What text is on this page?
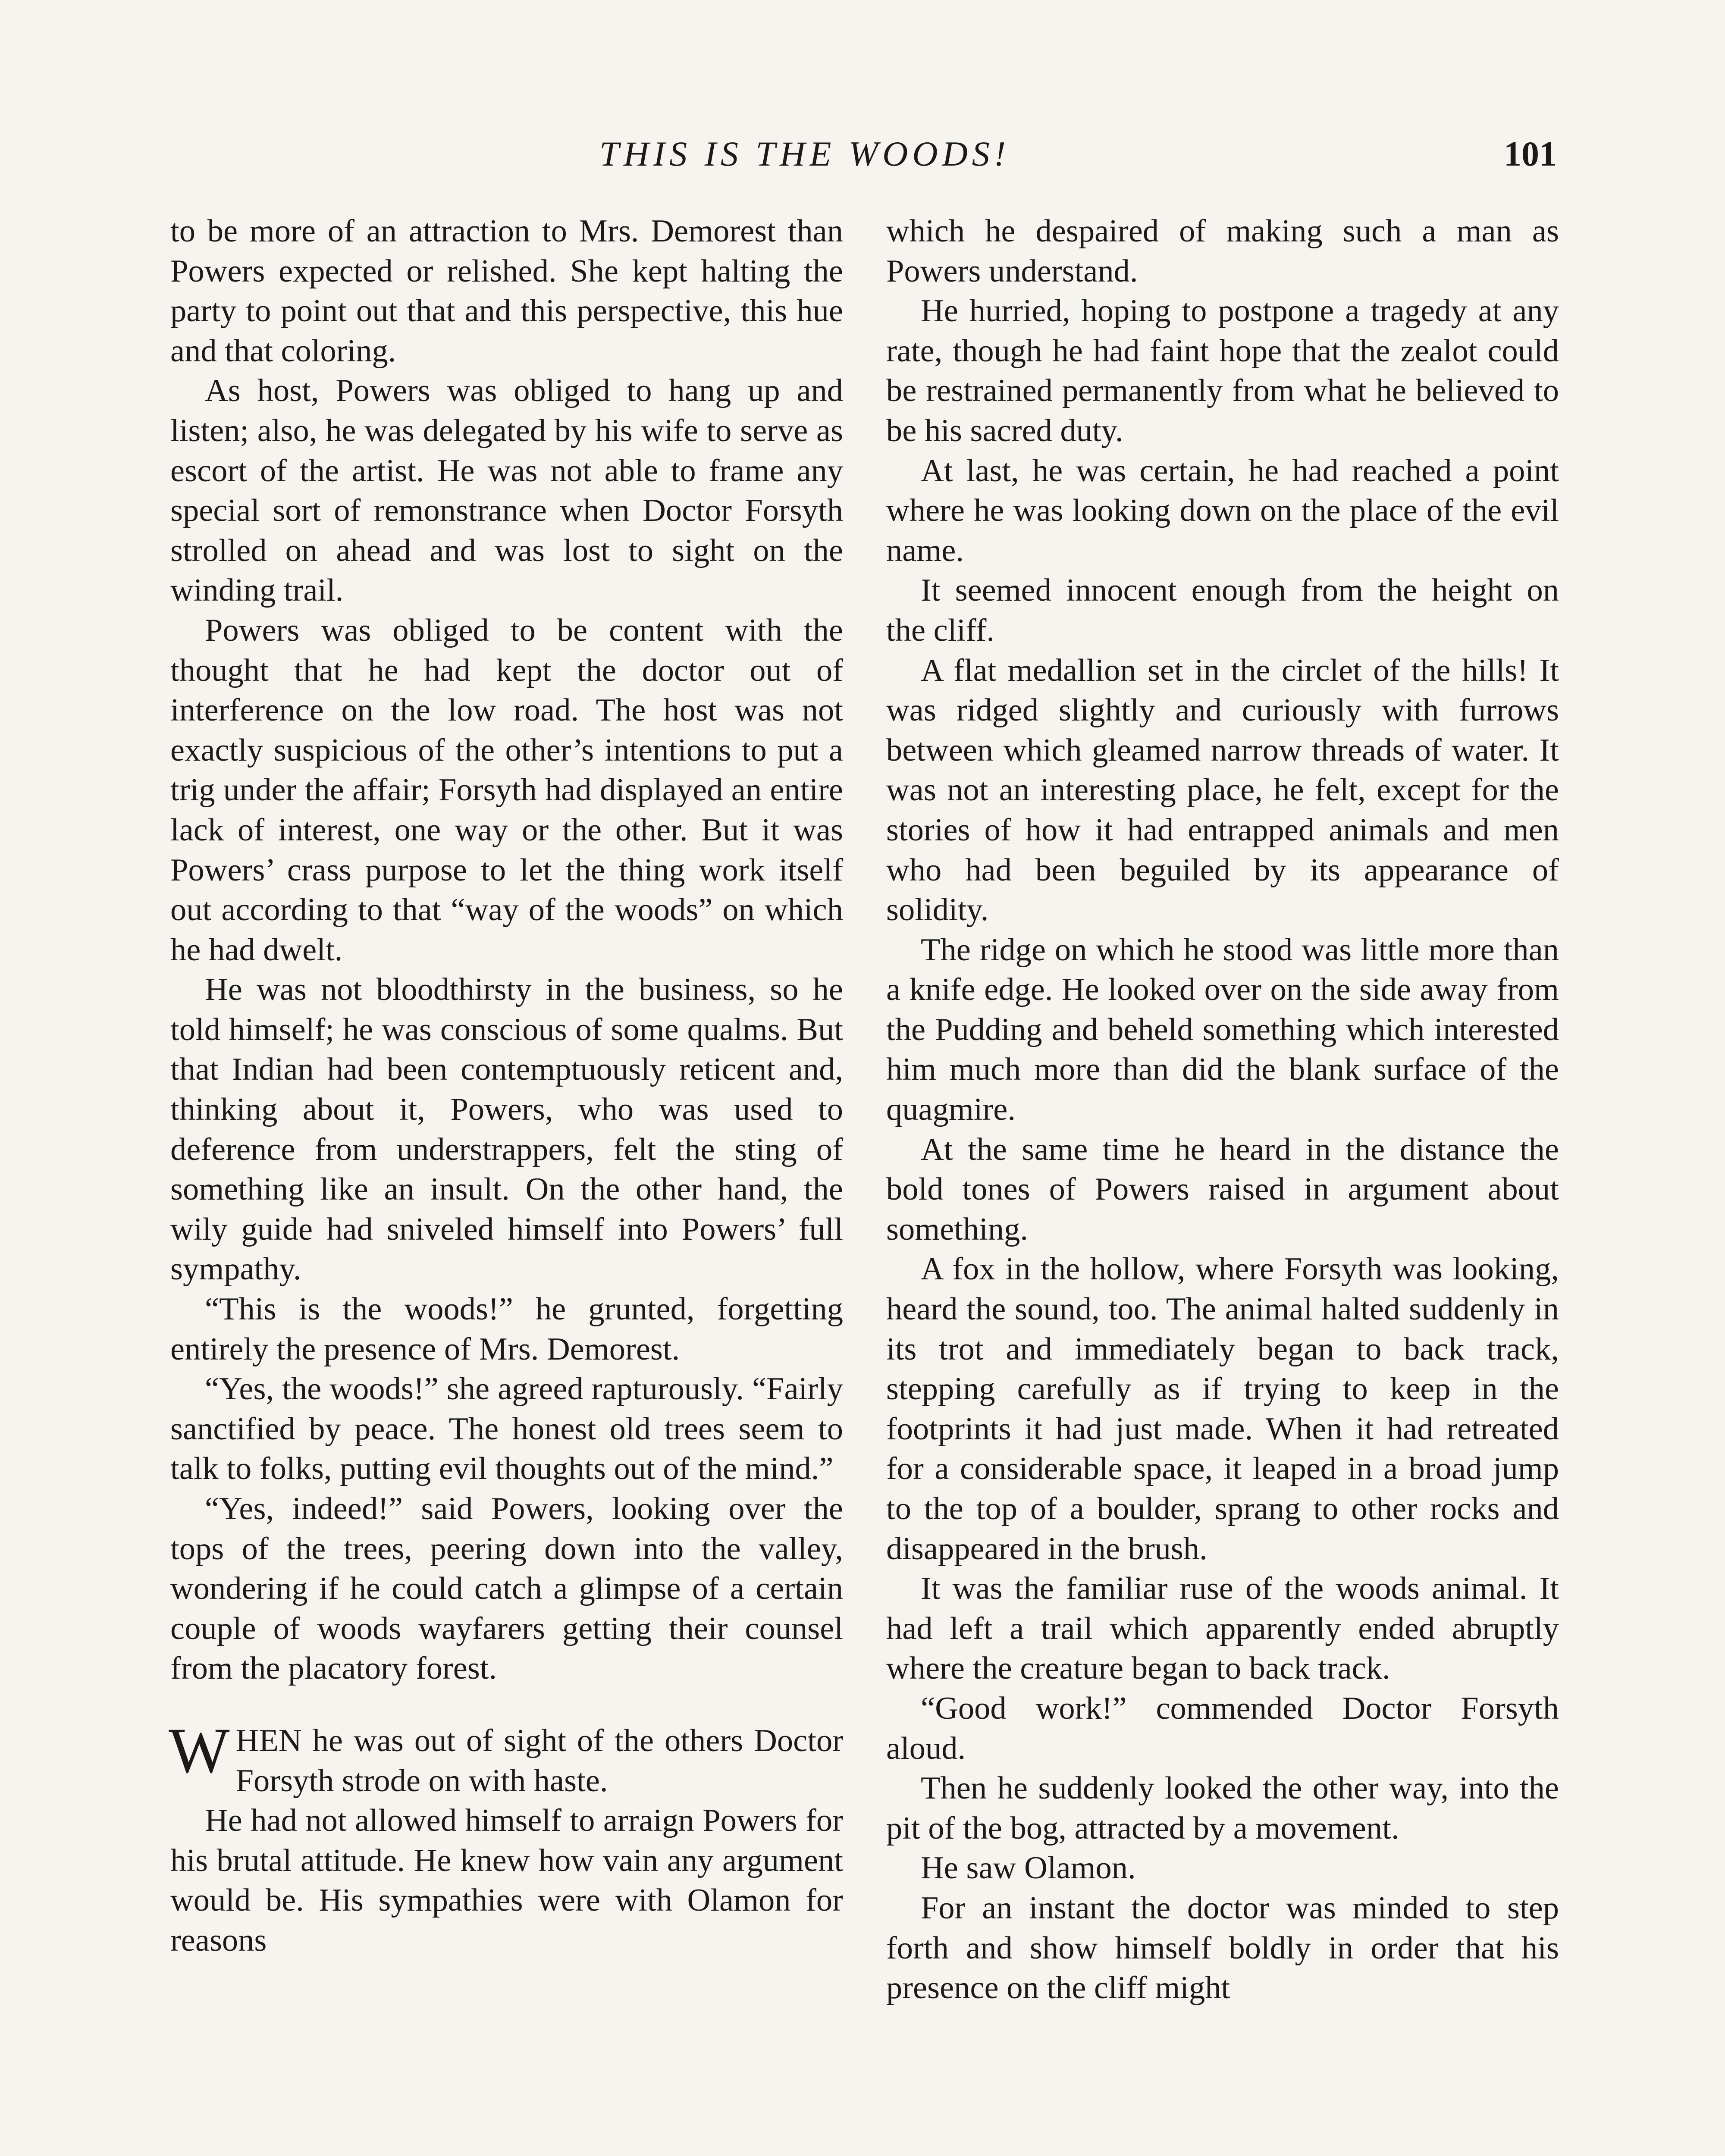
THIS IS THE WOODS!	101

to be more of an attraction to Mrs. Demorest than Powers expected or relished. She kept halting the party to point out that and this perspective, this hue and that coloring.

As host, Powers was obliged to hang up and listen; also, he was delegated by his wife to serve as escort of the artist. He was not able to frame any special sort of remonstrance when Doctor Forsyth strolled on ahead and was lost to sight on the winding trail.

Powers was obliged to be content with the thought that he had kept the doctor out of interference on the low road. The host was not exactly suspicious of the other’s intentions to put a trig under the affair; Forsyth had displayed an entire lack of interest, one way or the other. But it was Powers’ crass purpose to let the thing work itself out according to that “way of the woods” on which he had dwelt.

He was not bloodthirsty in the business, so he told himself; he was conscious of some qualms. But that Indian had been contemptuously reticent and, thinking about it, Powers, who was used to deference from understrappers, felt the sting of something like an insult. On the other hand, the wily guide had sniveled himself into Powers’ full sympathy.

“This is the woods!” he grunted, forgetting entirely the presence of Mrs. Demorest.

“Yes, the woods!” she agreed rapturously. “Fairly sanctified by peace. The honest old trees seem to talk to folks, putting evil thoughts out of the mind.”

“Yes, indeed!” said Powers, looking over the tops of the trees, peering down into the valley, wondering if he could catch a glimpse of a certain couple of woods wayfarers getting their counsel from the placatory forest.

WHEN he was out of sight of the others Doctor Forsyth strode on with haste.

He had not allowed himself to arraign Powers for his brutal attitude. He knew how vain any argument would be. His sympathies were with Olamon for reasons

which he despaired of making such a man as Powers understand.

He hurried, hoping to postpone a tragedy at any rate, though he had faint hope that the zealot could be restrained permanently from what he believed to be his sacred duty.

At last, he was certain, he had reached a point where he was looking down on the place of the evil name.

It seemed innocent enough from the height on the cliff.

A flat medallion set in the circlet of the hills! It was ridged slightly and curiously with furrows between which gleamed narrow threads of water. It was not an interesting place, he felt, except for the stories of how it had entrapped animals and men who had been beguiled by its appearance of solidity.

The ridge on which he stood was little more than a knife edge. He looked over on the side away from the Pudding and beheld something which interested him much more than did the blank surface of the quagmire.

At the same time he heard in the distance the bold tones of Powers raised in argument about something.

A fox in the hollow, where Forsyth was looking, heard the sound, too. The animal halted suddenly in its trot and immediately began to back track, stepping carefully as if trying to keep in the footprints it had just made. When it had retreated for a considerable space, it leaped in a broad jump to the top of a boulder, sprang to other rocks and disappeared in the brush.

It was the familiar ruse of the woods animal. It had left a trail which apparently ended abruptly where the creature began to back track.

“Good work!” commended Doctor Forsyth aloud.

Then he suddenly looked the other way, into the pit of the bog, attracted by a movement.

He saw Olamon.

For an instant the doctor was minded to step forth and show himself boldly in order that his presence on the cliff might
